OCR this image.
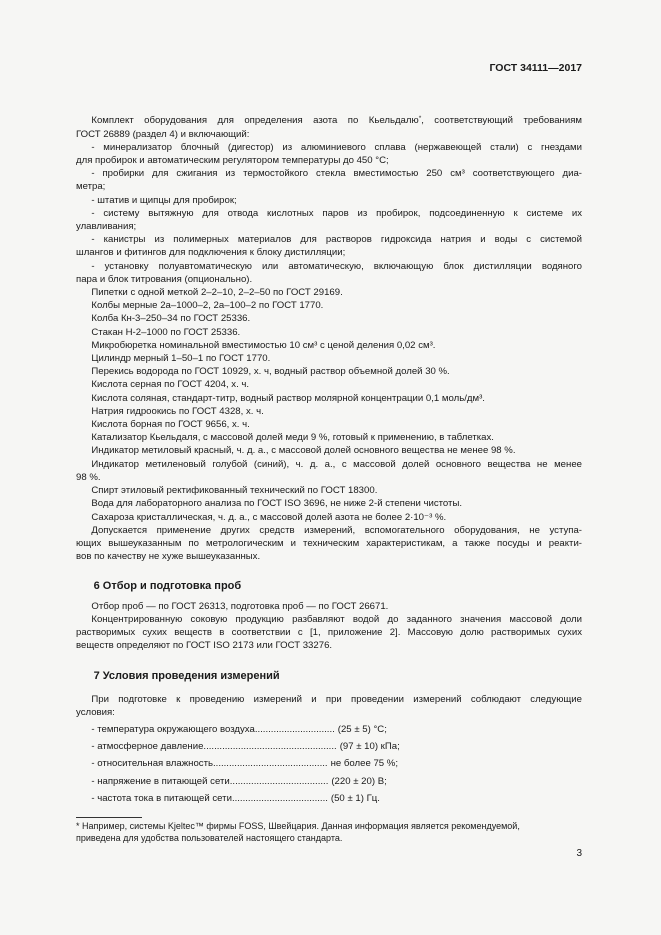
ГОСТ 34111—2017
Комплект оборудования для определения азота по Кьельдалю*, соответствующий требованиям
ГОСТ 26889 (раздел 4) и включающий:
- минерализатор блочный (дигестор) из алюминиевого сплава (нержавеющей стали) с гнездами
для пробирок и автоматическим регулятором температуры до 450 °С;
- пробирки для сжигания из термостойкого стекла вместимостью 250 см³ соответствующего диа-
метра;
- штатив и щипцы для пробирок;
- систему вытяжную для отвода кислотных паров из пробирок, подсоединенную к системе их
улавливания;
- канистры из полимерных материалов для растворов гидроксида натрия и воды с системой
шлангов и фитингов для подключения к блоку дистилляции;
- установку полуавтоматическую или автоматическую, включающую блок дистилляции водяного
пара и блок титрования (опционально).
Пипетки с одной меткой 2–2–10, 2–2–50 по ГОСТ 29169.
Колбы мерные 2а–1000–2, 2а–100–2 по ГОСТ 1770.
Колба Кн-3–250–34 по ГОСТ 25336.
Стакан Н-2–1000 по ГОСТ 25336.
Микробюретка номинальной вместимостью 10 см³ с ценой деления 0,02 см³.
Цилиндр мерный 1–50–1 по ГОСТ 1770.
Перекись водорода по ГОСТ 10929, х. ч, водный раствор объемной долей 30 %.
Кислота серная по ГОСТ 4204, х. ч.
Кислота соляная, стандарт-титр, водный раствор молярной концентрации 0,1 моль/дм³.
Натрия гидроокись по ГОСТ 4328, х. ч.
Кислота борная по ГОСТ 9656, х. ч.
Катализатор Кьельдаля, с массовой долей меди 9 %, готовый к применению, в таблетках.
Индикатор метиловый красный, ч. д. а., с массовой долей основного вещества не менее 98 %.
Индикатор метиленовый голубой (синий), ч. д. а., с массовой долей основного вещества не менее
98 %.
Спирт этиловый ректификованный технический по ГОСТ 18300.
Вода для лабораторного анализа по ГОСТ ISO 3696, не ниже 2-й степени чистоты.
Сахароза кристаллическая, ч. д. а., с массовой долей азота не более 2·10⁻³ %.
Допускается применение других средств измерений, вспомогательного оборудования, не уступа-
ющих вышеуказанным по метрологическим и техническим характеристикам, а также посуды и реакти-
вов по качеству не хуже вышеуказанных.
6 Отбор и подготовка проб
Отбор проб — по ГОСТ 26313, подготовка проб — по ГОСТ 26671.
Концентрированную соковую продукцию разбавляют водой до заданного значения массовой доли
растворимых сухих веществ в соответствии с [1, приложение 2]. Массовую долю растворимых сухих
веществ определяют по ГОСТ ISO 2173 или ГОСТ 33276.
7 Условия проведения измерений
При подготовке к проведению измерений и при проведении измерений соблюдают следующие
условия:
- температура окружающего воздуха.............................. (25 ± 5) °С;
- атмосферное давление.................................................. (97 ± 10) кПа;
- относительная влажность........................................... не более 75 %;
- напряжение в питающей сети..................................... (220 ± 20) В;
- частота тока в питающей сети.................................... (50 ± 1) Гц.
* Например, системы Kjeltec™ фирмы FOSS, Швейцария. Данная информация является рекомендуемой,
приведена для удобства пользователей настоящего стандарта.
3
